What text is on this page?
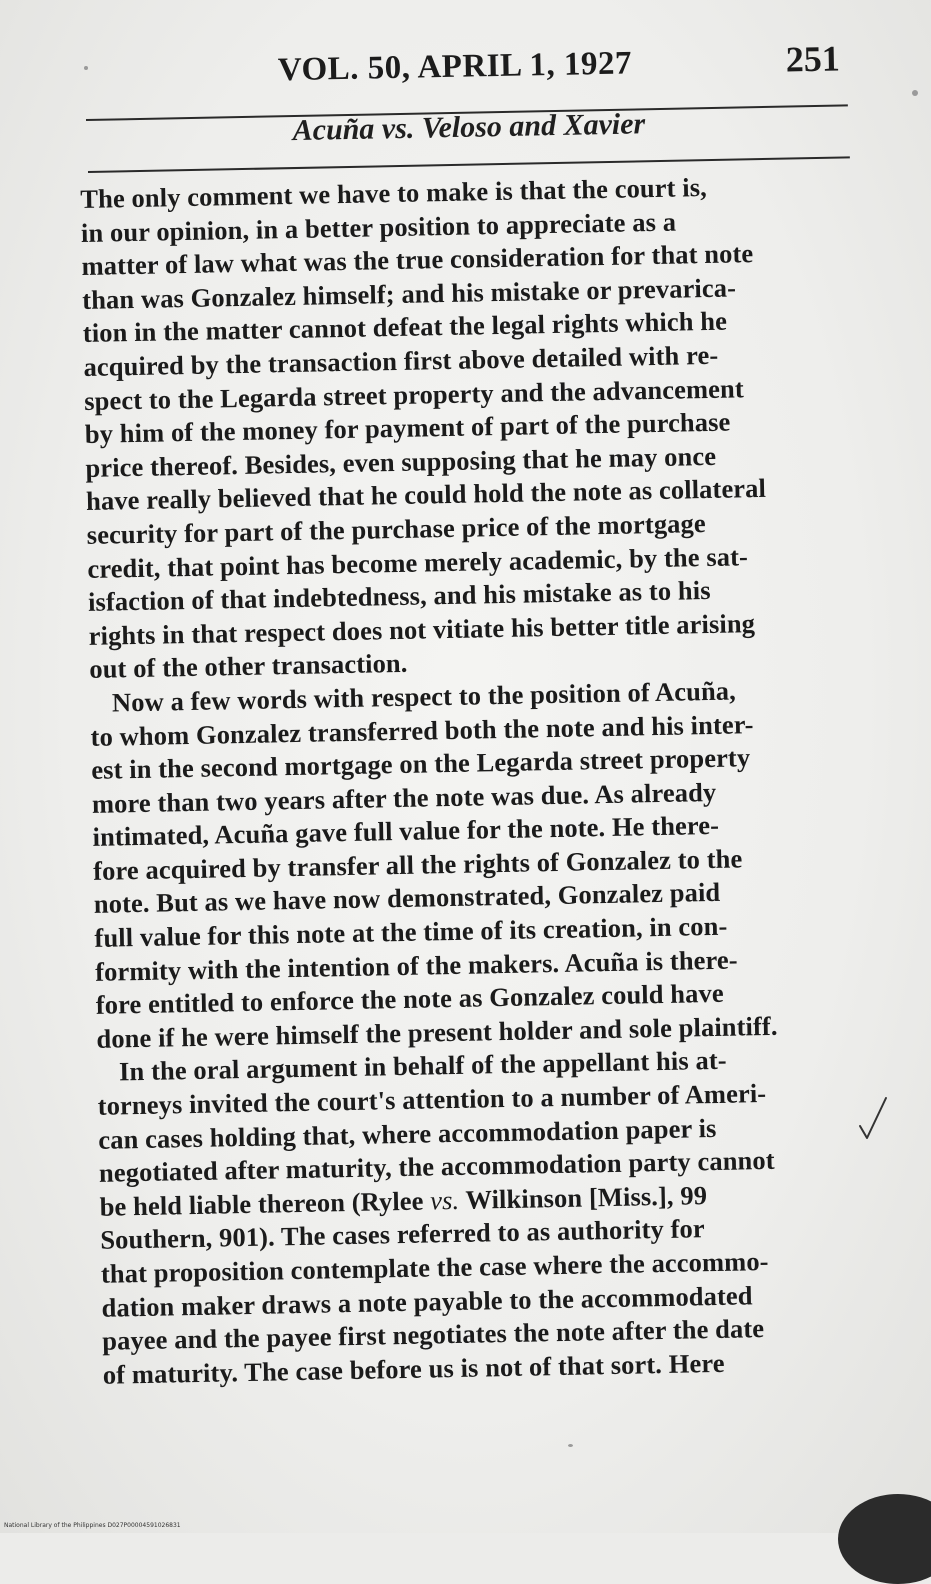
VOL. 50, APRIL 1, 1927	251
Acuña vs. Veloso and Xavier
The only comment we have to make is that the court is,
in our opinion, in a better position to appreciate as a
matter of law what was the true consideration for that note
than was Gonzalez himself; and his mistake or prevarica-
tion in the matter cannot defeat the legal rights which he
acquired by the transaction first above detailed with re-
spect to the Legarda street property and the advancement
by him of the money for payment of part of the purchase
price thereof. Besides, even supposing that he may once
have really believed that he could hold the note as collateral
security for part of the purchase price of the mortgage
credit, that point has become merely academic, by the sat-
isfaction of that indebtedness, and his mistake as to his
rights in that respect does not vitiate his better title arising
out of the other transaction.
Now a few words with respect to the position of Acuña,
to whom Gonzalez transferred both the note and his inter-
est in the second mortgage on the Legarda street property
more than two years after the note was due. As already
intimated, Acuña gave full value for the note. He there-
fore acquired by transfer all the rights of Gonzalez to the
note. But as we have now demonstrated, Gonzalez paid
full value for this note at the time of its creation, in con-
formity with the intention of the makers. Acuña is there-
fore entitled to enforce the note as Gonzalez could have
done if he were himself the present holder and sole plaintiff.
In the oral argument in behalf of the appellant his at-
torneys invited the court's attention to a number of Ameri-
can cases holding that, where accommodation paper is
negotiated after maturity, the accommodation party cannot
be held liable thereon (Rylee vs. Wilkinson [Miss.], 99
Southern, 901). The cases referred to as authority for
that proposition contemplate the case where the accommo-
dation maker draws a note payable to the accommodated
payee and the payee first negotiates the note after the date
of maturity. The case before us is not of that sort. Here
National Library of the Philippines D027P00004591026831
